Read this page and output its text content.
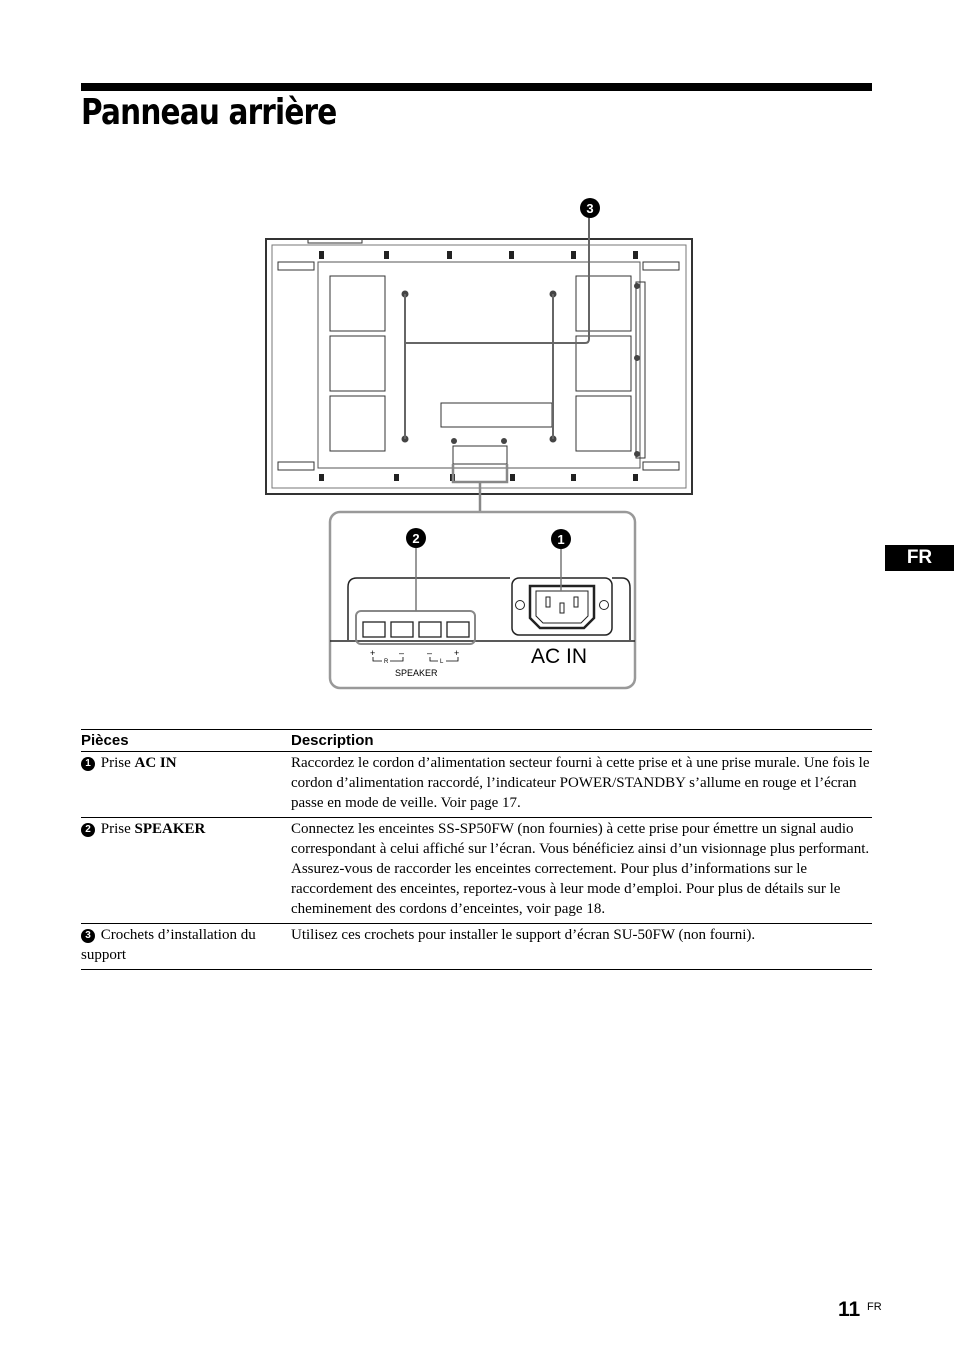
Panneau arrière
FR
3
+	–	– +
R	L
SPEAKER
AC IN
1
2
Pièces	Description
1 Prise AC IN	Raccordez le cordon d’alimentation secteur fourni à cette prise et à une prise murale. Une fois le cordon d’alimentation raccordé, l’indicateur POWER/STANDBY s’allume en rouge et l’écran passe en mode de veille. Voir page 17.
2 Prise SPEAKER	Connectez les enceintes SS-SP50FW (non fournies) à cette prise pour émettre un signal audio correspondant à celui affiché sur l’écran. Vous bénéficiez ainsi d’un visionnage plus performant. Assurez-vous de raccorder les enceintes correctement. Pour plus d’informations sur le raccordement des enceintes, reportez-vous à leur mode d’emploi. Pour plus de détails sur le cheminement des cordons d’enceintes, voir page 18.
3 Crochets d’installation du support	Utilisez ces crochets pour installer le support d’écran SU-50FW (non fourni).
11 FR
